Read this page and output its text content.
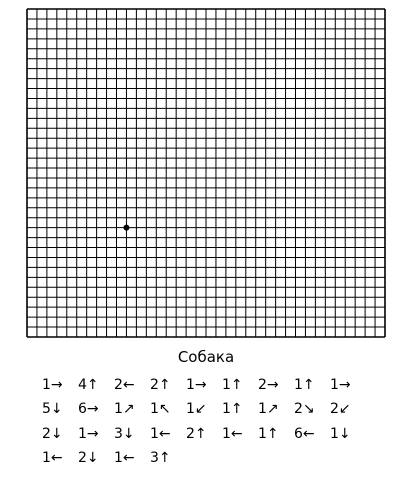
Собака
1→ 4↑ 2← 2↑ 1→ 1↑ 2→ 1↑ 1→
5↓ 6→ 1↗ 1↖ 1↙ 1↑ 1↗ 2↘ 2↙
2↓ 1→ 3↓ 1← 2↑ 1← 1↑ 6← 1↓
1← 2↓ 1← 3↑
